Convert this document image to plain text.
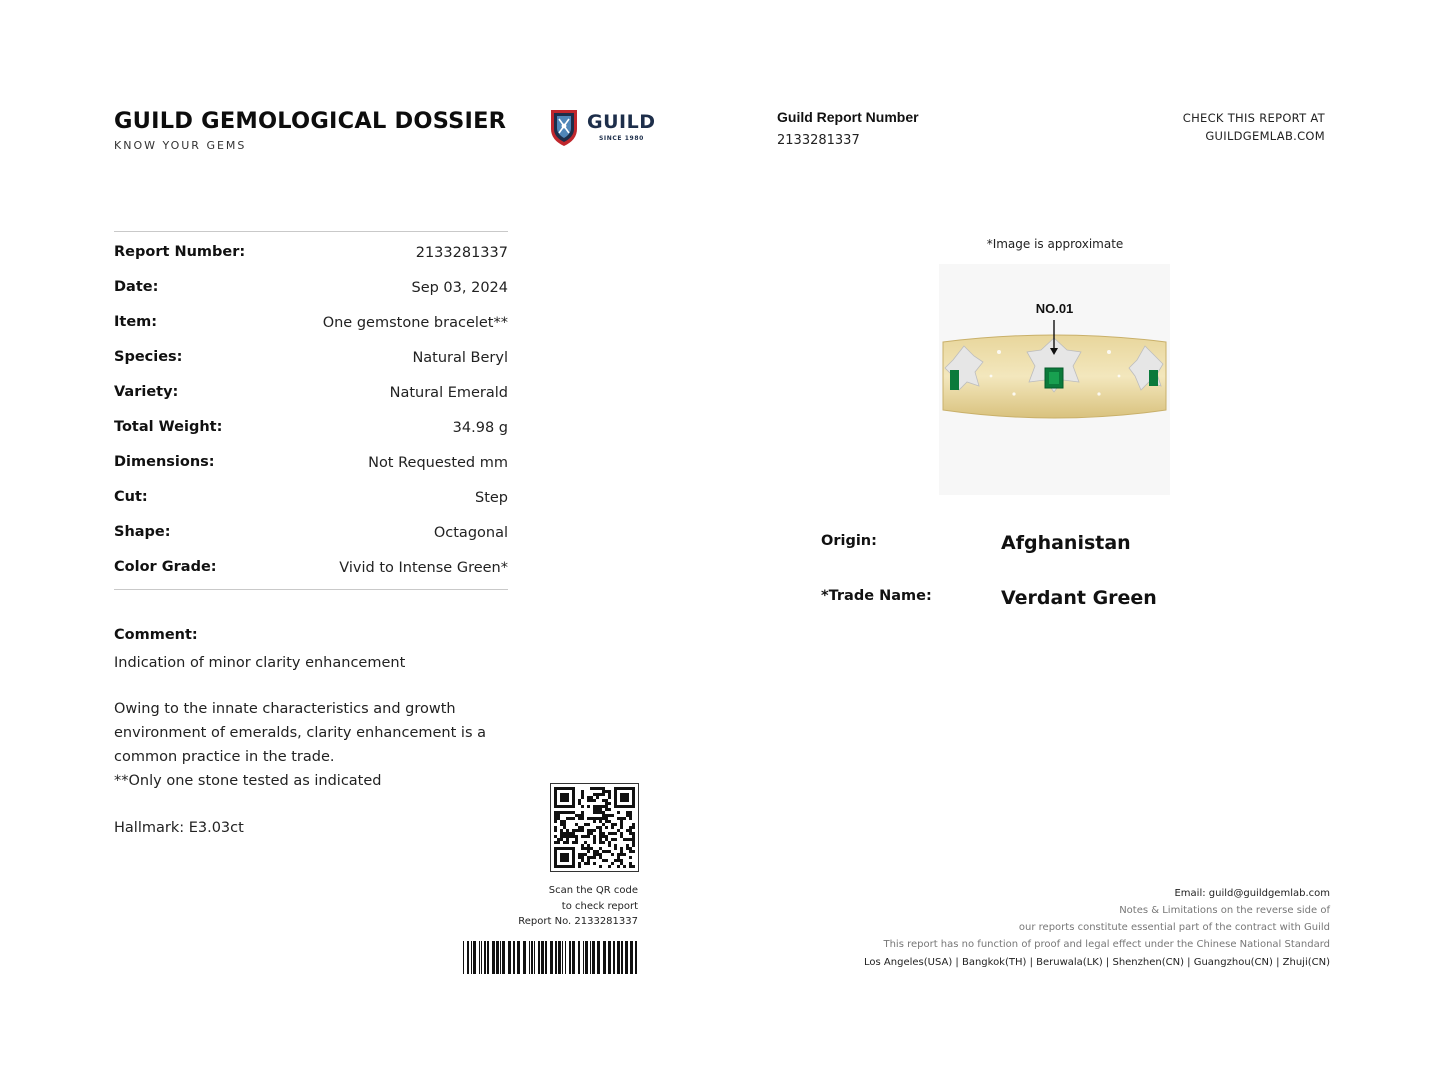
GUILD GEMOLOGICAL DOSSIER
KNOW YOUR GEMS
GUILD
SINCE 1980
Guild Report Number
2133281337
CHECK THIS REPORT AT
GUILDGEMLAB.COM
Report Number:	2133281337
Date:	Sep 03, 2024
Item:	One gemstone bracelet**
Species:	Natural Beryl
Variety:	Natural Emerald
Total Weight:	34.98 g
Dimensions:	Not Requested mm
Cut:	Step
Shape:	Octagonal
Color Grade:	Vivid to Intense Green*
Comment:
Indication of minor clarity enhancement
Owing to the innate characteristics and growth
environment of emeralds, clarity enhancement is a
common practice in the trade.
**Only one stone tested as indicated
Hallmark: E3.03ct
*Image is approximate
NO.01
Origin:	Afghanistan
*Trade Name:	Verdant Green
Scan the QR code
to check report
Report No. 2133281337
Email: guild@guildgemlab.com
Notes & Limitations on the reverse side of
our reports constitute essential part of the contract with Guild
This report has no function of proof and legal effect under the Chinese National Standard
Los Angeles(USA) | Bangkok(TH) | Beruwala(LK) | Shenzhen(CN) | Guangzhou(CN) | Zhuji(CN)
